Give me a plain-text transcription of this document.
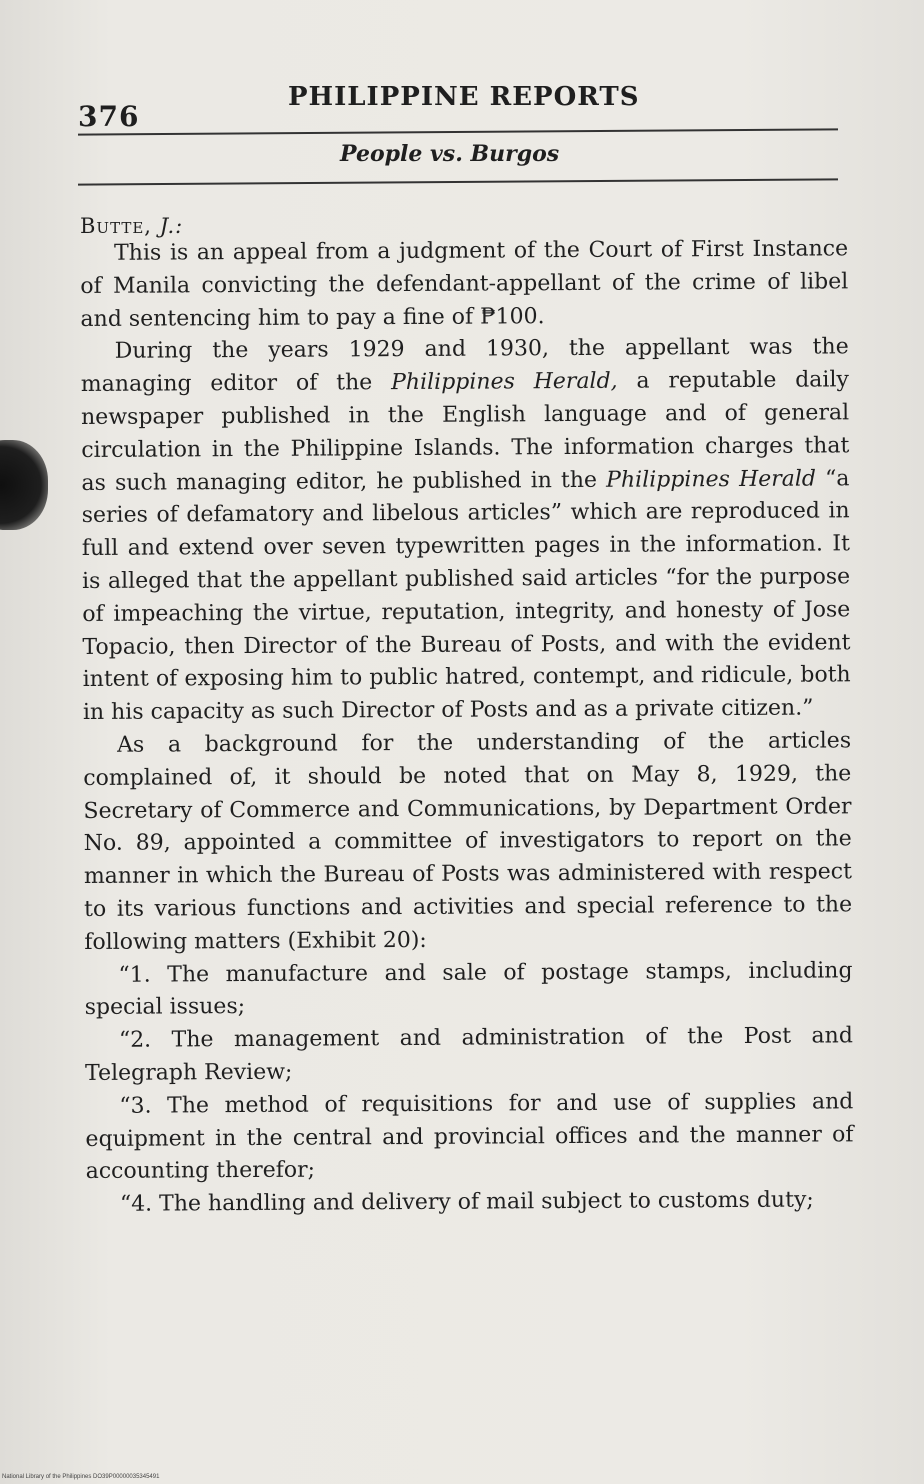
376
PHILIPPINE REPORTS
People vs. Burgos
Butte, J.:

This is an appeal from a judgment of the Court of First Instance of Manila convicting the defendant-appellant of the crime of libel and sentencing him to pay a fine of ₱100.

During the years 1929 and 1930, the appellant was the managing editor of the Philippines Herald, a reputable daily newspaper published in the English language and of general circulation in the Philippine Islands. The information charges that as such managing editor, he published in the Philippines Herald “a series of defamatory and libelous articles” which are reproduced in full and extend over seven typewritten pages in the information. It is alleged that the appellant published said articles “for the purpose of impeaching the virtue, reputation, integrity, and honesty of Jose Topacio, then Director of the Bureau of Posts, and with the evident intent of exposing him to public hatred, contempt, and ridicule, both in his capacity as such Director of Posts and as a private citizen.”

As a background for the understanding of the articles complained of, it should be noted that on May 8, 1929, the Secretary of Commerce and Communications, by Department Order No. 89, appointed a committee of investigators to report on the manner in which the Bureau of Posts was administered with respect to its various functions and activities and special reference to the following matters (Exhibit 20):

“1. The manufacture and sale of postage stamps, including special issues;

“2. The management and administration of the Post and Telegraph Review;

“3. The method of requisitions for and use of supplies and equipment in the central and provincial offices and the manner of accounting therefor;

“4. The handling and delivery of mail subject to customs duty;

National Library of the Philippines DO39P00000035345491
